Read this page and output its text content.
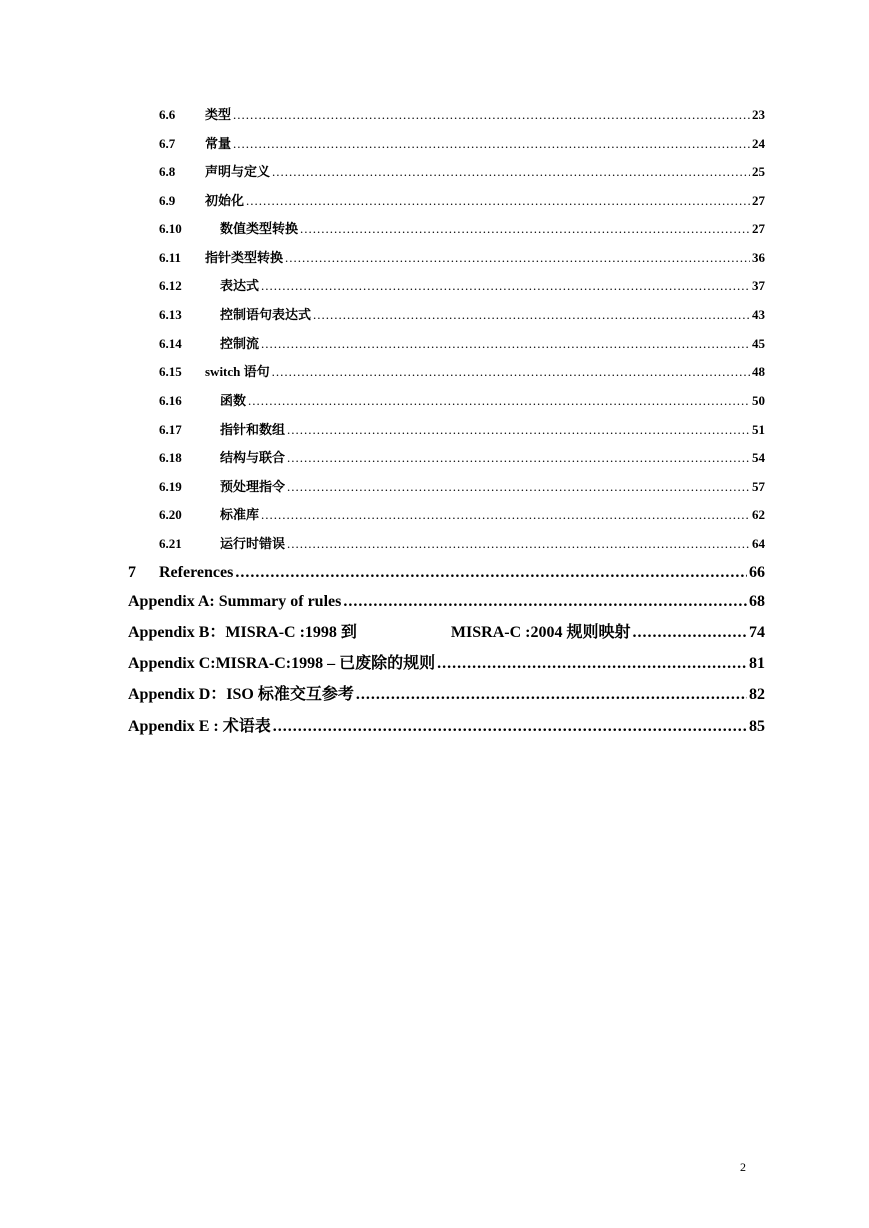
6.6	类型 .....	23
6.7	常量 .....	24
6.8	声明与定义 .....	25
6.9	初始化 .....	27
6.10	数值类型转换 .....	27
6.11	指针类型转换 .....	36
6.12	表达式 .....	37
6.13	控制语句表达式 .....	43
6.14	控制流 .....	45
6.15	switch 语句 .....	48
6.16	函数 .....	50
6.17	指针和数组 .....	51
6.18	结构与联合 .....	54
6.19	预处理指令 .....	57
6.20	标准库 .....	62
6.21	运行时错误 .....	64
7	References .....	66
Appendix A: Summary of rules .....	68
Appendix B：MISRA-C :1998 到	MISRA-C :2004 规则映射 .....	74
Appendix C:MISRA-C:1998 – 已废除的规则 .....	81
Appendix D：ISO 标准交互参考 .....	82
Appendix E : 术语表 .....	85
2
